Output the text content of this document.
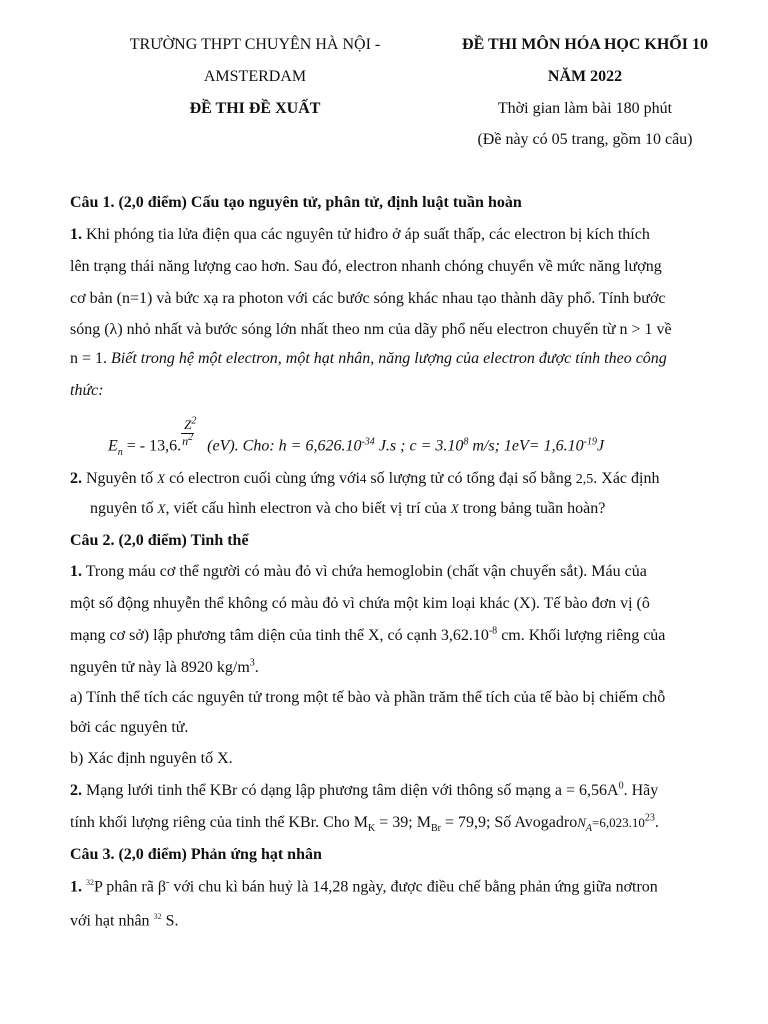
TRƯỜNG THPT CHUYÊN HÀ NỘI -
AMSTERDAM
ĐỀ THI ĐỀ XUẤT
ĐỀ THI MÔN HÓA HỌC KHỐI 10
NĂM 2022
Thời gian làm bài 180 phút
(Đề này có 05 trang, gồm 10 câu)
Câu 1. (2,0 điểm) Cấu tạo nguyên tử, phân tử, định luật tuần hoàn
1. Khi phóng tia lửa điện qua các nguyên tử hiđro ở áp suất thấp, các electron bị kích thích
lên trạng thái năng lượng cao hơn. Sau đó, electron nhanh chóng chuyển về mức năng lượng
cơ bản (n=1) và bức xạ ra photon với các bước sóng khác nhau tạo thành dãy phổ. Tính bước
sóng (λ) nhỏ nhất và bước sóng lớn nhất theo nm của dãy phổ nếu electron chuyển từ n > 1 về
n = 1. Biết trong hệ một electron, một hạt nhân, năng lượng của electron được tính theo công
thức:
$E_n$ = - 13,6. $\frac{Z^2}{n^2} (eV)$. Cho: $h = 6,626.10^{-34}$ J.s ; $c = 3.10^8$ m/s; $1eV= 1,6.10^{-19}J$
2. Nguyên tố X có electron cuối cùng ứng với4 số lượng tử có tổng đại số bằng 2,5. Xác định
nguyên tố X, viết cấu hình electron và cho biết vị trí của X trong bảng tuần hoàn?
Câu 2. (2,0 điểm) Tinh thể
1. Trong máu cơ thể người có màu đỏ vì chứa hemoglobin (chất vận chuyển sắt). Máu của
một số động nhuyễn thể không có màu đỏ vì chứa một kim loại khác (X). Tế bào đơn vị (ô
mạng cơ sở) lập phương tâm diện của tinh thể X, có cạnh $3,62.10^{-8}$ cm. Khối lượng riêng của
nguyên tử này là 8920 $kg/m^3$.
a) Tính thể tích các nguyên tử trong một tế bào và phần trăm thể tích của tế bào bị chiếm chỗ
bởi các nguyên tử.
b) Xác định nguyên tố X.
2. Mạng lưới tinh thể KBr có dạng lập phương tâm diện với thông số mạng $a = 6,56A^0$. Hãy
tính khối lượng riêng của tinh thể KBr. Cho $M_K = 39$; $M_{Br} = 79,9$; Số $AvogadroN_A=6,023.10^{23}$.
Câu 3. (2,0 điểm) Phản ứng hạt nhân
1. $^{32}$P phân rã β- với chu kì bán huỷ là 14,28 ngày, được điều chế bằng phản ứng giữa nơtron
với hạt nhân $^{32}$ S.
